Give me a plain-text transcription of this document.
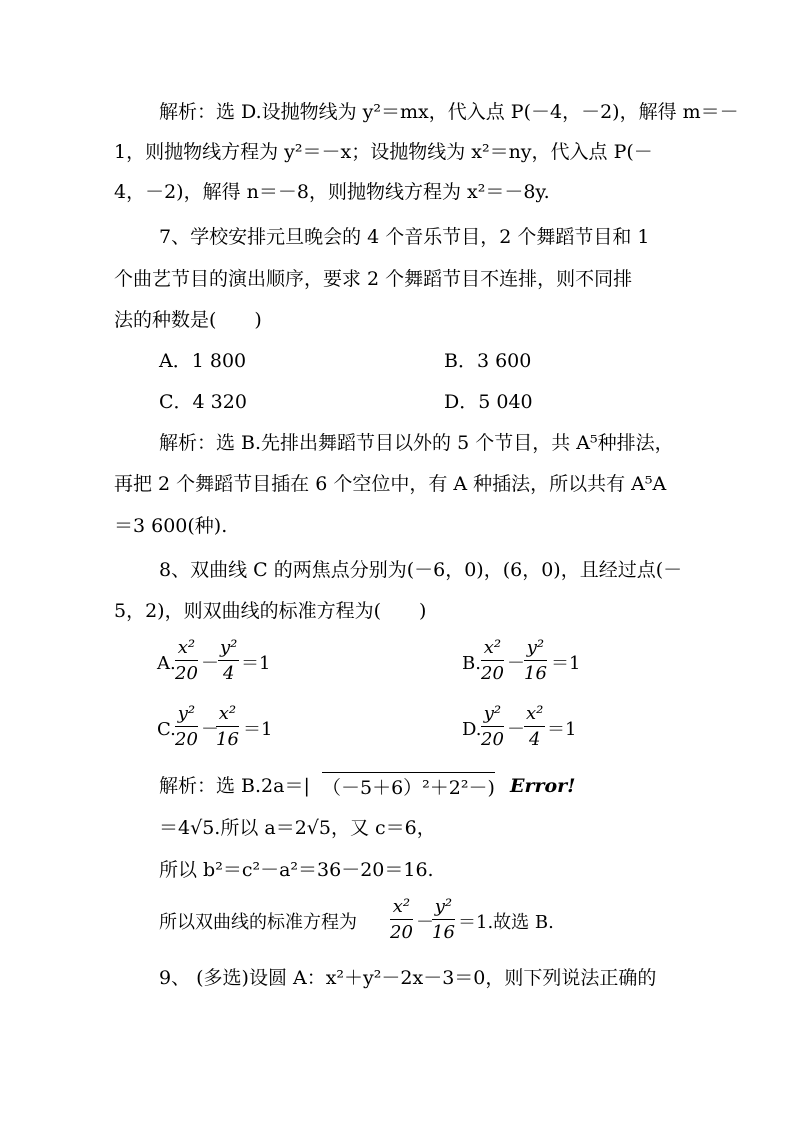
解析：选 D.设抛物线为 y²＝mx，代入点 P(－4，－2)，解得 m＝－
1，则抛物线方程为 y²＝－x；设抛物线为 x²＝ny，代入点 P(－
4，－2)，解得 n＝－8，则抛物线方程为 x²＝－8y.
7、学校安排元旦晚会的 4 个音乐节目，2 个舞蹈节目和 1
个曲艺节目的演出顺序，要求 2 个舞蹈节目不连排，则不同排
法的种数是(　　)
A．1 800	B．3 600
C．4 320	D．5 040
解析：选 B.先排出舞蹈节目以外的 5 个节目，共 A⁵种排法，
再把 2 个舞蹈节目插在 6 个空位中，有 A 种插法，所以共有 A⁵A
＝3 600(种).
8、双曲线 C 的两焦点分别为(－6，0)，(6，0)，且经过点(－
5，2)，则双曲线的标准方程为(　　)
A. $\frac{\text{x²}}{20} - \frac{\text{y²}}{4} =1$	B. $\frac{\text{x²}}{20} - \frac{\text{y²}}{16} =1$
C. $\frac{\text{y²}}{20}$ －
$\frac{\text{x²}}{16} =1$	D. $\frac{\text{y²}}{20} - \frac{\text{x²}}{4} =1$
解析：选 B.2a＝| （－5＋6）²＋2²－) Error!
＝4√5.所以 a＝2√5，又 c＝6，
所以 b²＝c²－a²＝36－20＝16.
所以双曲线的标准方程为 $\frac{\text{x²}}{20}$ －
$\frac{\text{y²}}{16} =1$.故选 B.
9、 (多选)设圆 A：x²＋y²－2x－3＝0，则下列说法正确的
